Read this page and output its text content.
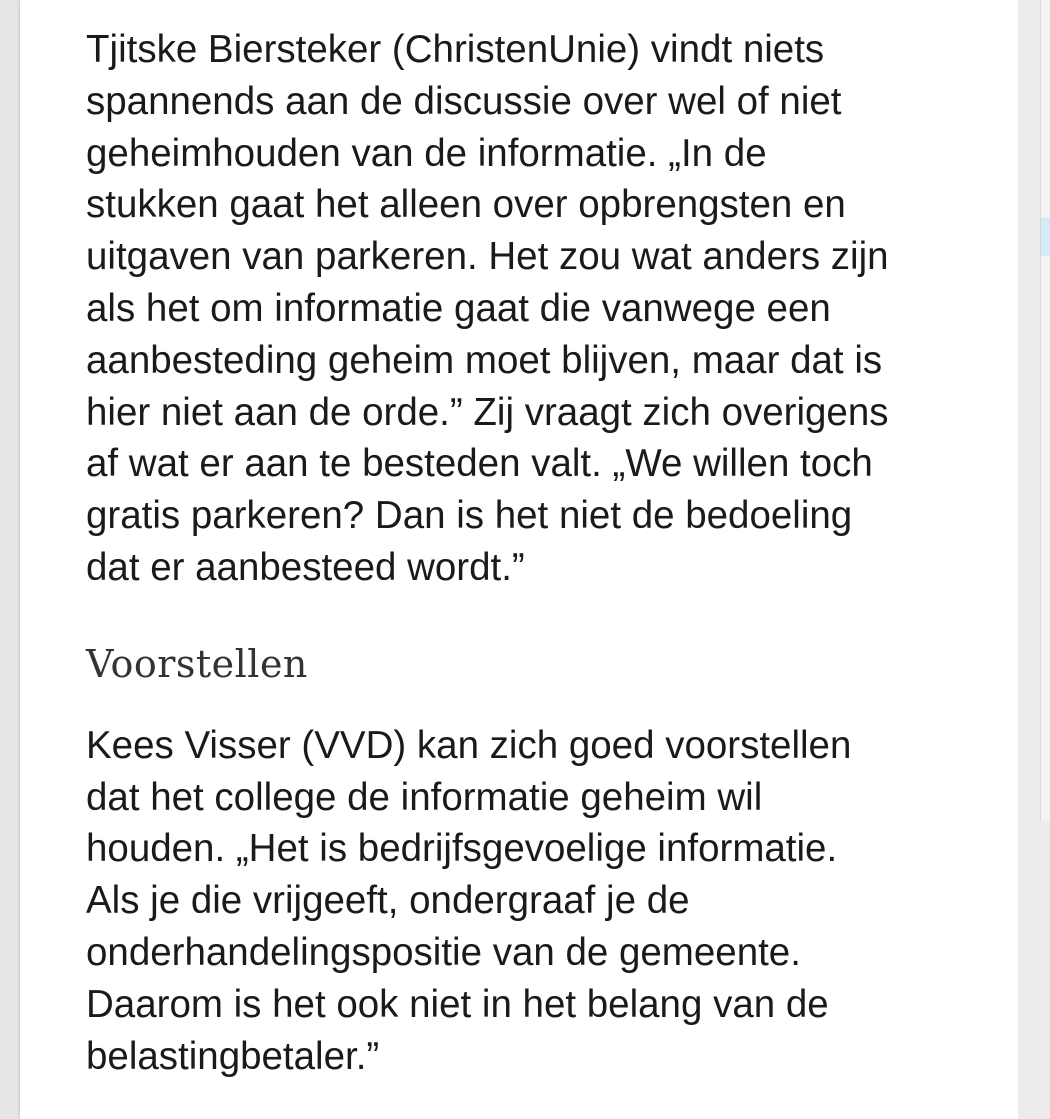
Tjitske Biersteker (ChristenUnie) vindt niets
spannends aan de discussie over wel of niet
geheimhouden van de informatie. „In de
stukken gaat het alleen over opbrengsten en
uitgaven van parkeren. Het zou wat anders zijn
als het om informatie gaat die vanwege een
aanbesteding geheim moet blijven, maar dat is
hier niet aan de orde.” Zij vraagt zich overigens
af wat er aan te besteden valt. „We willen toch
gratis parkeren? Dan is het niet de bedoeling
dat er aanbesteed wordt.”

Voorstellen

Kees Visser (VVD) kan zich goed voorstellen
dat het college de informatie geheim wil
houden. „Het is bedrijfsgevoelige informatie.
Als je die vrijgeeft, ondergraaf je de
onderhandelingspositie van de gemeente.
Daarom is het ook niet in het belang van de
belastingbetaler.”
